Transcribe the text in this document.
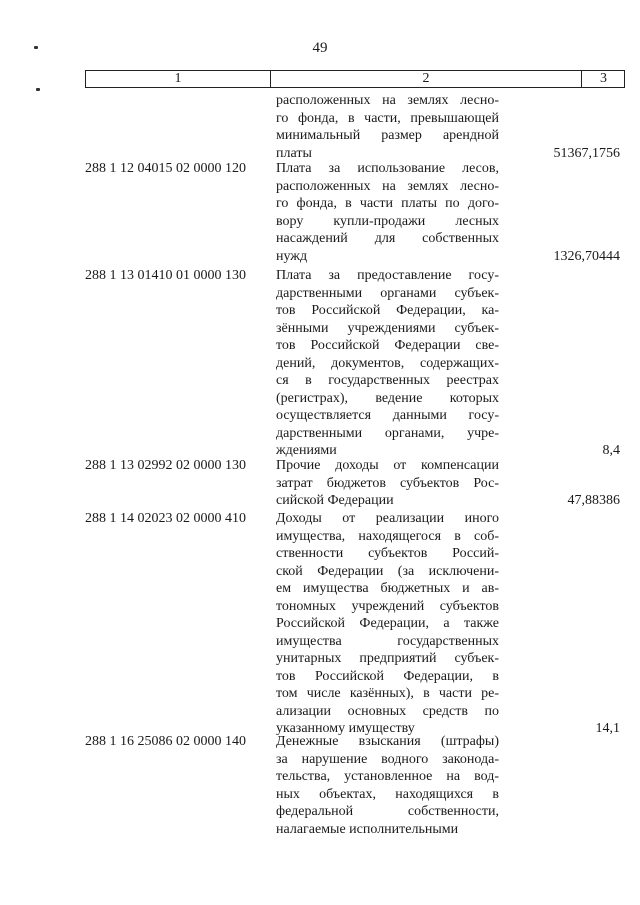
49
1	2	3
расположенных на землях лесно-
го фонда, в части, превышающей
минимальный размер арендной
платы	51367,1756
288 1 12 04015 02 0000 120	Плата за использование лесов,
расположенных на землях лесно-
го фонда, в части платы по дого-
вору купли-продажи лесных
насаждений для собственных
нужд	1326,70444
288 1 13 01410 01 0000 130	Плата за предоставление госу-
дарственными органами субъек-
тов Российской Федерации, ка-
зёнными учреждениями субъек-
тов Российской Федерации све-
дений, документов, содержащих-
ся в государственных реестрах
(регистрах), ведение которых
осуществляется данными госу-
дарственными органами, учре-
ждениями	8,4
288 1 13 02992 02 0000 130	Прочие доходы от компенсации
затрат бюджетов субъектов Рос-
сийской Федерации	47,88386
288 1 14 02023 02 0000 410	Доходы от реализации иного
имущества, находящегося в соб-
ственности субъектов Россий-
ской Федерации (за исключени-
ем имущества бюджетных и ав-
тономных учреждений субъектов
Российской Федерации, а также
имущества государственных
унитарных предприятий субъек-
тов Российской Федерации, в
том числе казённых), в части ре-
ализации основных средств по
указанному имуществу	14,1
288 1 16 25086 02 0000 140	Денежные взыскания (штрафы)
за нарушение водного законода-
тельства, установленное на вод-
ных объектах, находящихся в
федеральной собственности,
налагаемые исполнительными
